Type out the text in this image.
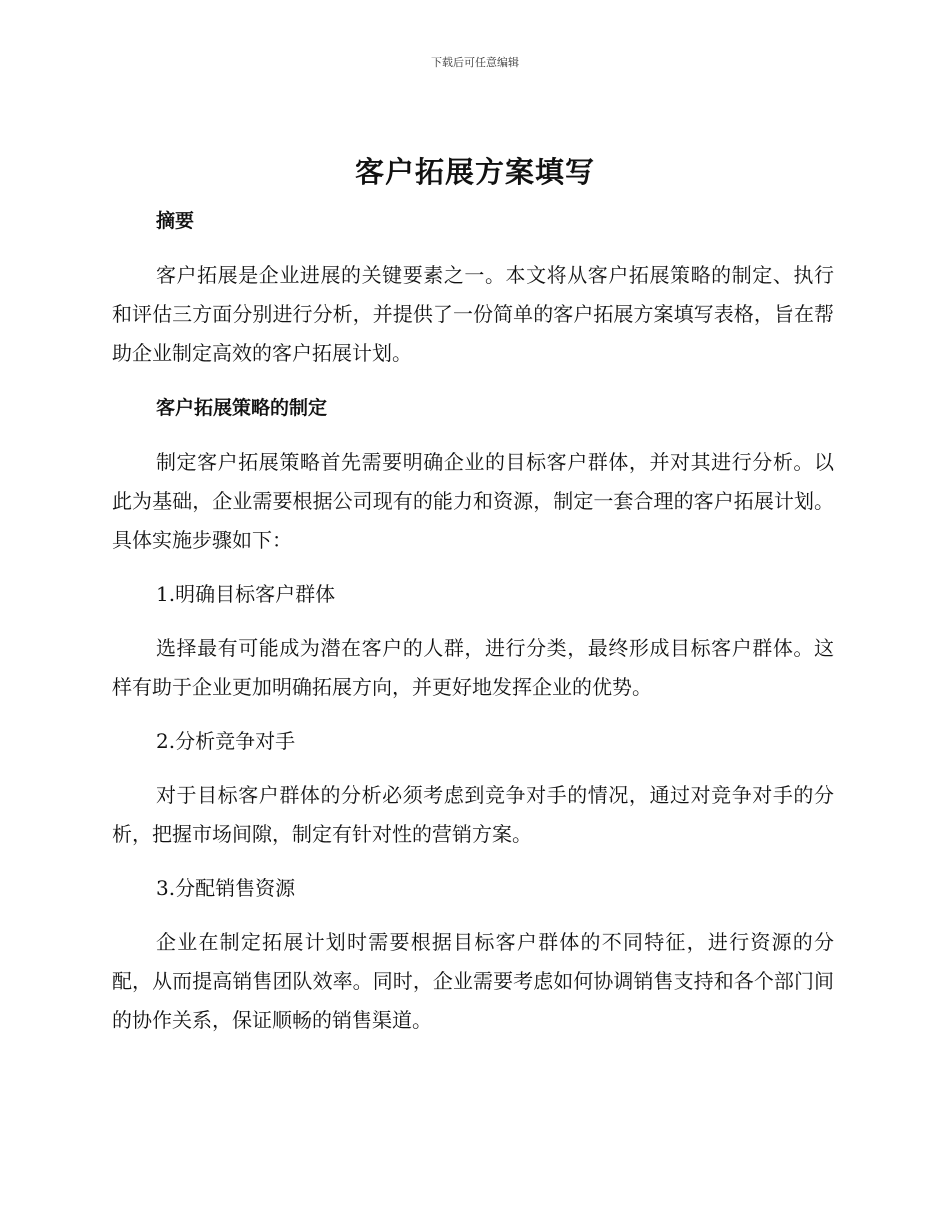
下载后可任意编辑
客户拓展方案填写
摘要

客户拓展是企业进展的关键要素之一。本文将从客户拓展策略的制定、执行和评估三方面分别进行分析，并提供了一份简单的客户拓展方案填写表格，旨在帮助企业制定高效的客户拓展计划。

客户拓展策略的制定

制定客户拓展策略首先需要明确企业的目标客户群体，并对其进行分析。以此为基础，企业需要根据公司现有的能力和资源，制定一套合理的客户拓展计划。具体实施步骤如下：

1.明确目标客户群体

选择最有可能成为潜在客户的人群，进行分类，最终形成目标客户群体。这样有助于企业更加明确拓展方向，并更好地发挥企业的优势。

2.分析竞争对手

对于目标客户群体的分析必须考虑到竞争对手的情况，通过对竞争对手的分析，把握市场间隙，制定有针对性的营销方案。

3.分配销售资源

企业在制定拓展计划时需要根据目标客户群体的不同特征，进行资源的分配，从而提高销售团队效率。同时，企业需要考虑如何协调销售支持和各个部门间的协作关系，保证顺畅的销售渠道。
